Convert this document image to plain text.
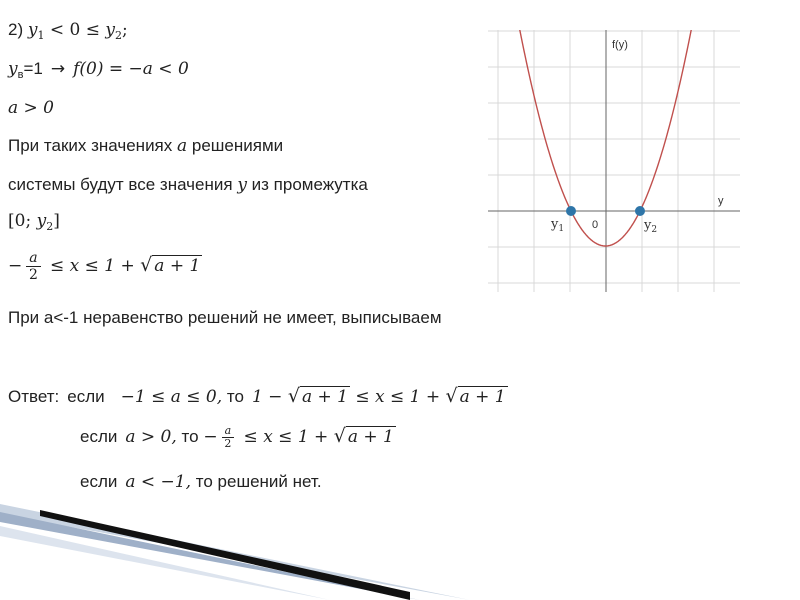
2) $y_1 < 0 \le y_2$;
$y_в=1 \to f(0) = -a < 0$
a > 0
При таких значениях a решениями
системы будут все значения y из промежутка
[0; $y_2$]
− $\frac{a}{2} \le x \le 1$ + √ a + 1
При a<-1 неравенство решений не имеет, выписываем
Ответ: если −1 ≤ a ≤ 0, то 1 − √ a + 1 ≤ x ≤ 1 + √ a + 1
если a > 0, то − $\frac{a}{2} \le x \le 1$ + √ a + 1
если a < −1, то решений нет.
f(y)
y
0
$y_1$	$y_2$
